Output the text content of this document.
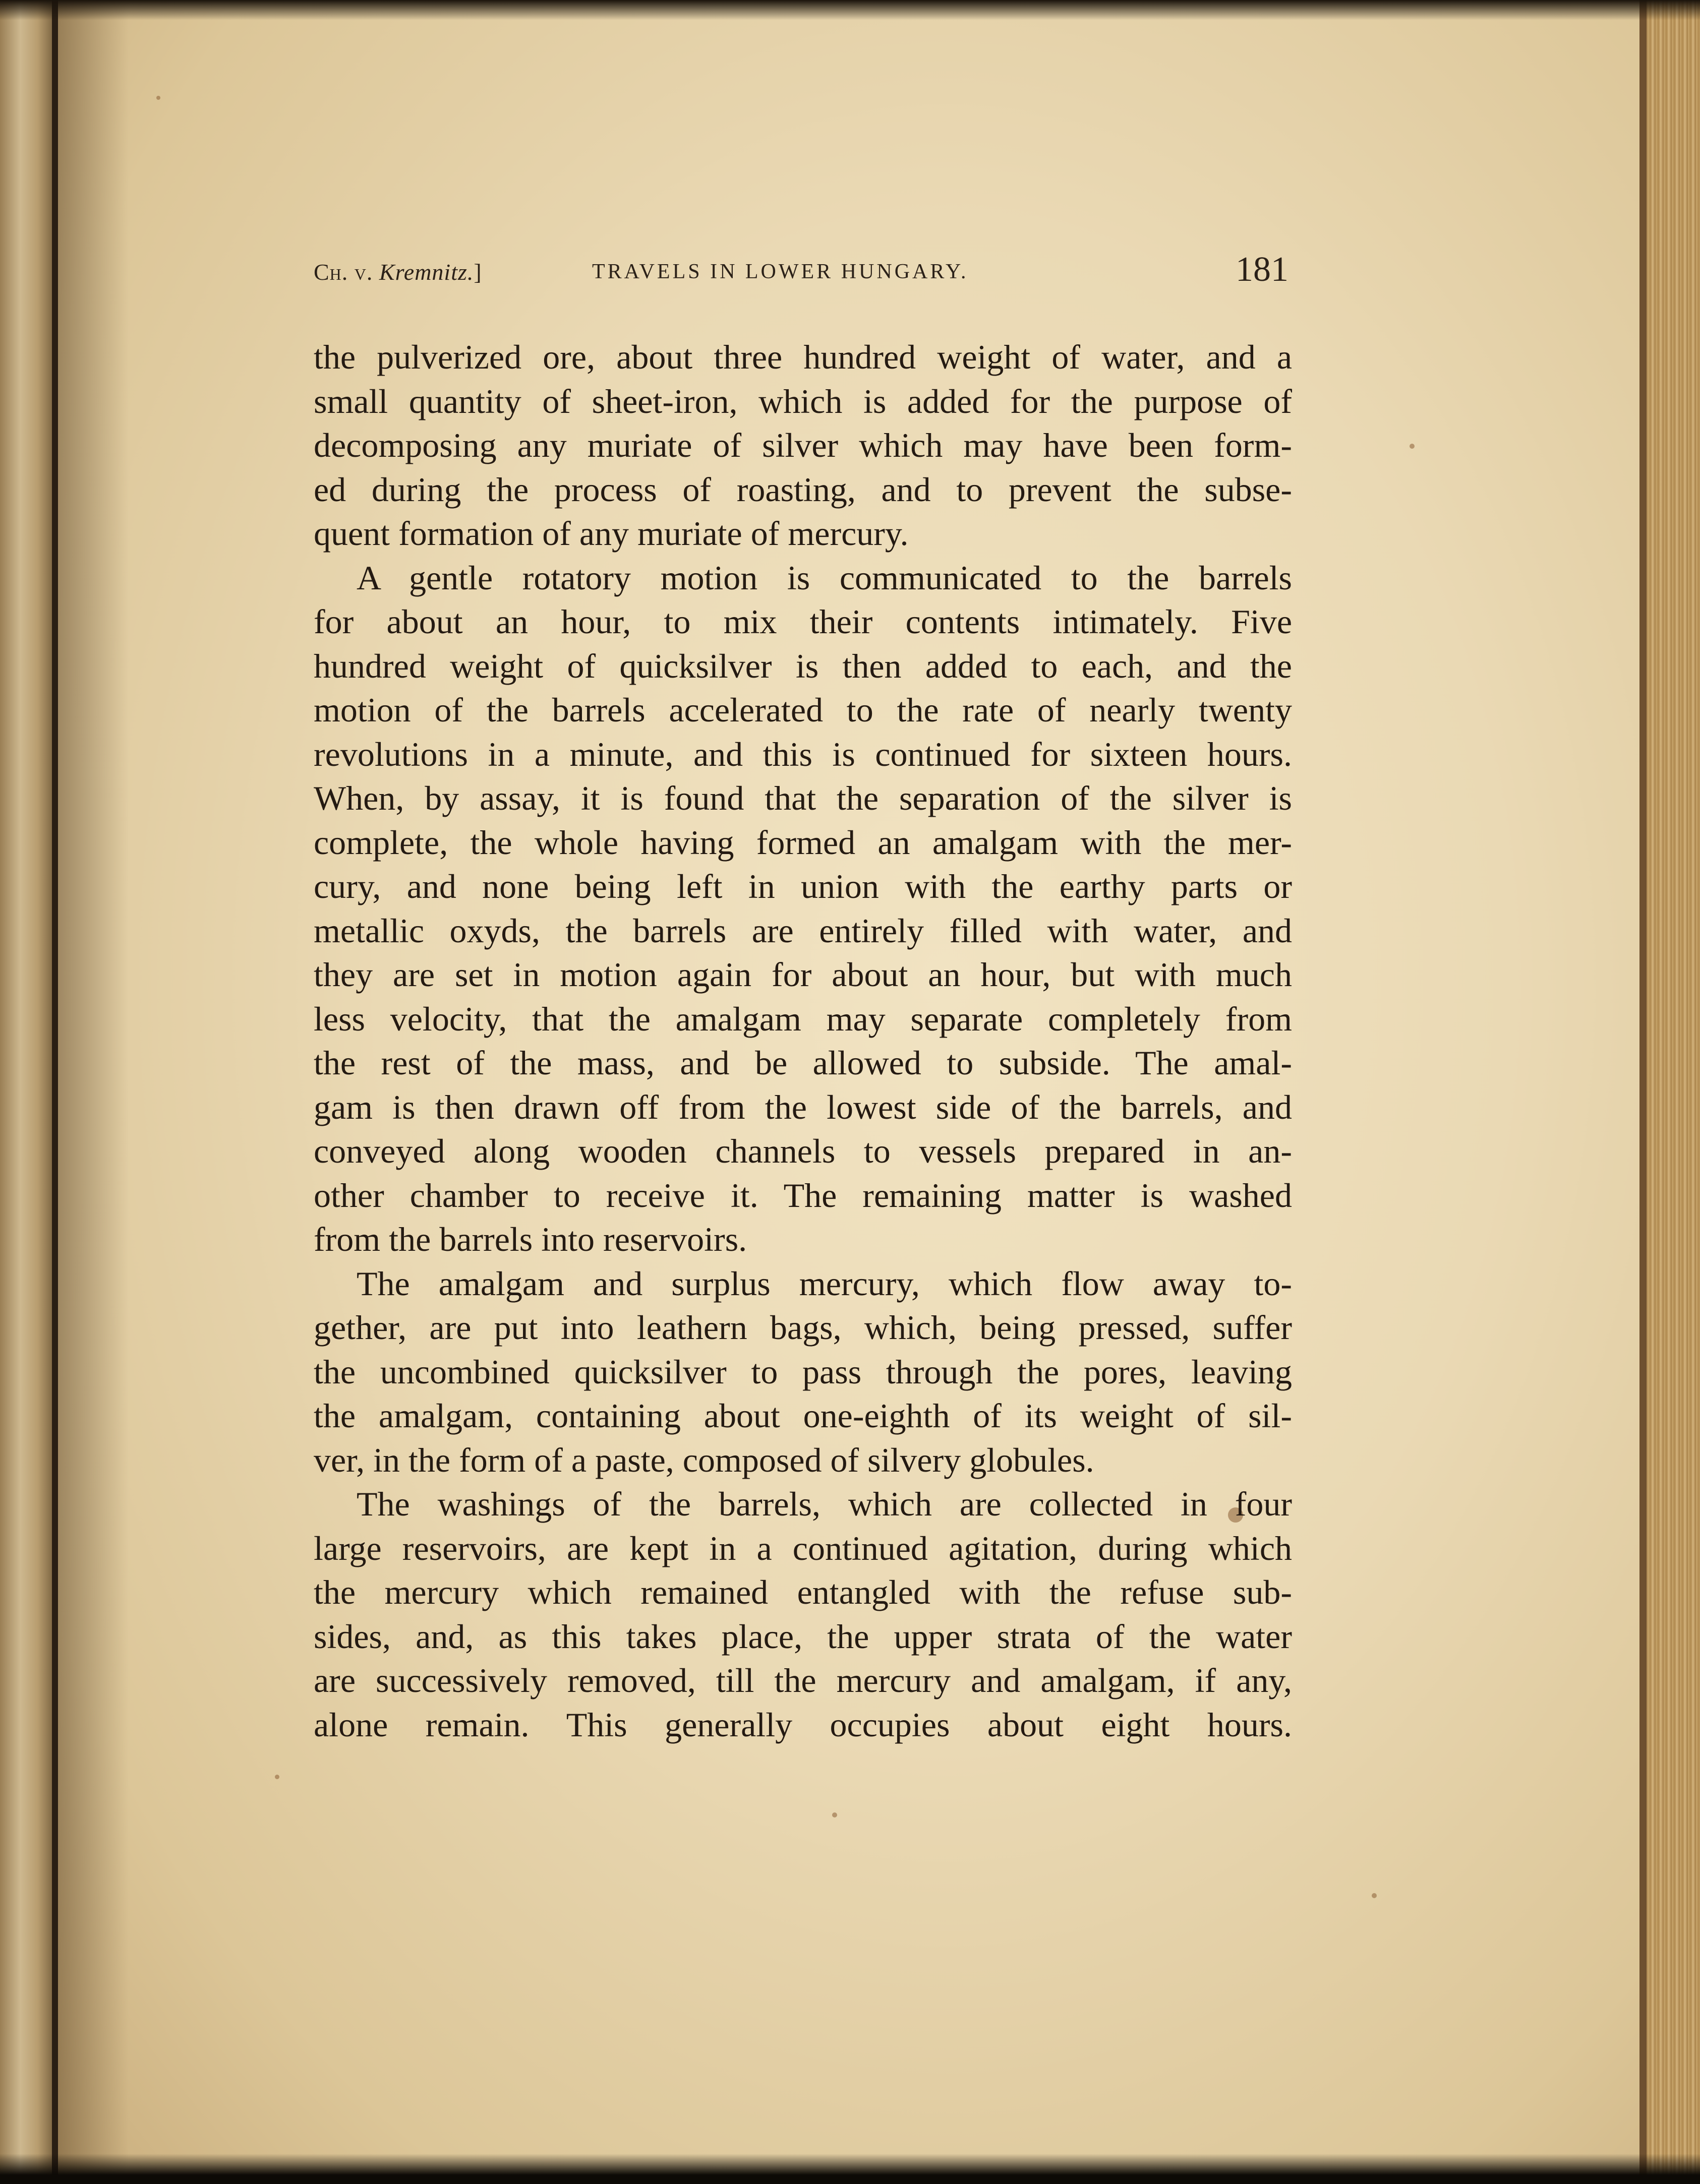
Ch. v. Kremnitz.]	TRAVELS IN LOWER HUNGARY.	181
the pulverized ore, about three hundred weight of water, and a
small quantity of sheet-iron, which is added for the purpose of
decomposing any muriate of silver which may have been form-
ed during the process of roasting, and to prevent the subse-
quent formation of any muriate of mercury.
A gentle rotatory motion is communicated to the barrels
for about an hour, to mix their contents intimately. Five
hundred weight of quicksilver is then added to each, and the
motion of the barrels accelerated to the rate of nearly twenty
revolutions in a minute, and this is continued for sixteen hours.
When, by assay, it is found that the separation of the silver is
complete, the whole having formed an amalgam with the mer-
cury, and none being left in union with the earthy parts or
metallic oxyds, the barrels are entirely filled with water, and
they are set in motion again for about an hour, but with much
less velocity, that the amalgam may separate completely from
the rest of the mass, and be allowed to subside. The amal-
gam is then drawn off from the lowest side of the barrels, and
conveyed along wooden channels to vessels prepared in an-
other chamber to receive it. The remaining matter is washed
from the barrels into reservoirs.
The amalgam and surplus mercury, which flow away to-
gether, are put into leathern bags, which, being pressed, suffer
the uncombined quicksilver to pass through the pores, leaving
the amalgam, containing about one-eighth of its weight of sil-
ver, in the form of a paste, composed of silvery globules.
The washings of the barrels, which are collected in four
large reservoirs, are kept in a continued agitation, during which
the mercury which remained entangled with the refuse sub-
sides, and, as this takes place, the upper strata of the water
are successively removed, till the mercury and amalgam, if any,
alone remain. This generally occupies about eight hours.
